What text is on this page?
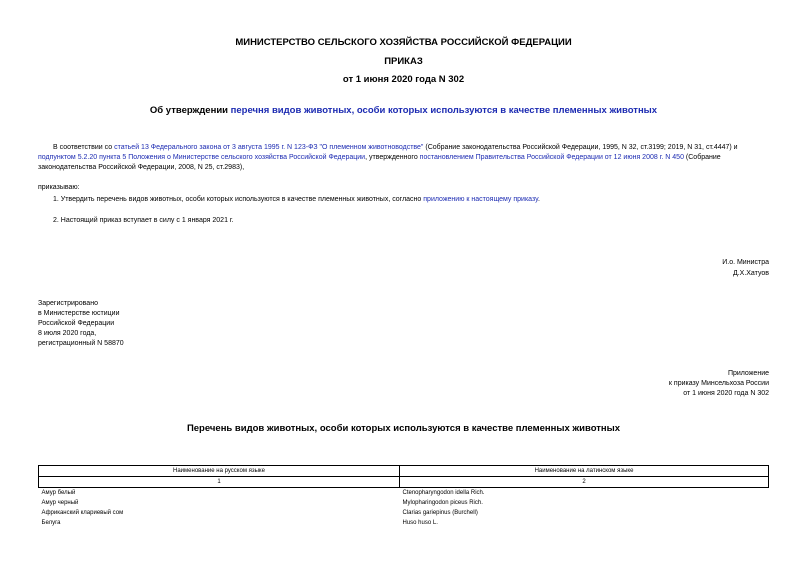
МИНИСТЕРСТВО СЕЛЬСКОГО ХОЗЯЙСТВА РОССИЙСКОЙ ФЕДЕРАЦИИ
ПРИКАЗ
от 1 июня 2020 года N 302
Об утверждении перечня видов животных, особи которых используются в качестве племенных животных
В соответствии со статьей 13 Федерального закона от 3 августа 1995 г. N 123-ФЗ "О племенном животноводстве" (Собрание законодательства Российской Федерации, 1995, N 32, ст.3199; 2019, N 31, ст.4447) и подпунктом 5.2.20 пункта 5 Положения о Министерстве сельского хозяйства Российской Федерации, утвержденного постановлением Правительства Российской Федерации от 12 июня 2008 г. N 450 (Собрание законодательства Российской Федерации, 2008, N 25, ст.2983),
приказываю:
1. Утвердить перечень видов животных, особи которых используются в качестве племенных животных, согласно приложению к настоящему приказу.
2. Настоящий приказ вступает в силу с 1 января 2021 г.
И.о. Министра
Д.Х.Хатуов
Зарегистрировано
в Министерстве юстиции
Российской Федерации
8 июля 2020 года,
регистрационный N 58870
Приложение
к приказу Минсельхоза России
от 1 июня 2020 года N 302
Перечень видов животных, особи которых используются в качестве племенных животных
Наименование на русском языке	Наименование на латинском языке
1	2
Амур белый	Ctenopharyngodon idella Rich.
Амур черный	Mylopharingodon piceus Rich.
Африканский клариевый сом	Clarias gariepinus (Burchell)
Белуга	Huso huso L.
